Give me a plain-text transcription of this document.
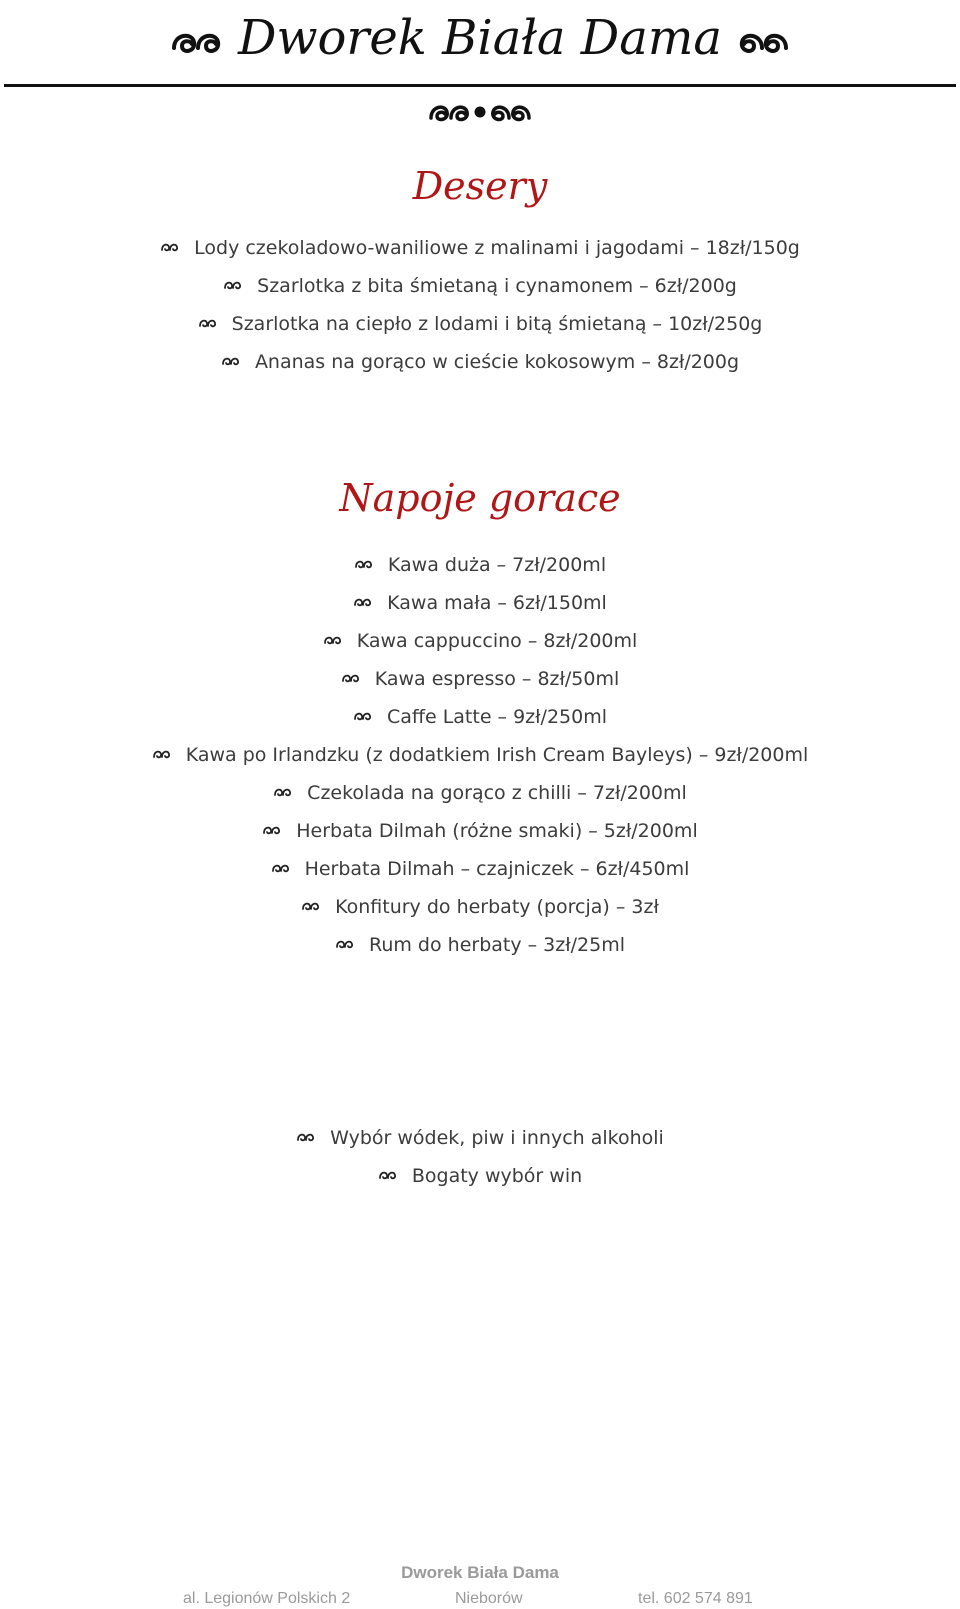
Dworek Biała Dama
Desery
Lody czekoladowo-waniliowe z malinami i jagodami – 18zł/150g
Szarlotka z bita śmietaną i cynamonem – 6zł/200g
Szarlotka na ciepło z lodami i bitą śmietaną – 10zł/250g
Ananas na gorąco w cieście kokosowym – 8zł/200g
Napoje gorace
Kawa duża – 7zł/200ml
Kawa mała – 6zł/150ml
Kawa cappuccino – 8zł/200ml
Kawa espresso – 8zł/50ml
Caffe Latte – 9zł/250ml
Kawa po Irlandzku (z dodatkiem Irish Cream Bayleys) – 9zł/200ml
Czekolada na gorąco z chilli – 7zł/200ml
Herbata Dilmah (różne smaki) – 5zł/200ml
Herbata Dilmah – czajniczek – 6zł/450ml
Konfitury do herbaty (porcja) – 3zł
Rum do herbaty – 3zł/25ml
Wybór wódek, piw i innych alkoholi
Bogaty wybór win
Dworek Biała Dama
al. Legionów Polskich 2	Nieborów	tel. 602 574 891
